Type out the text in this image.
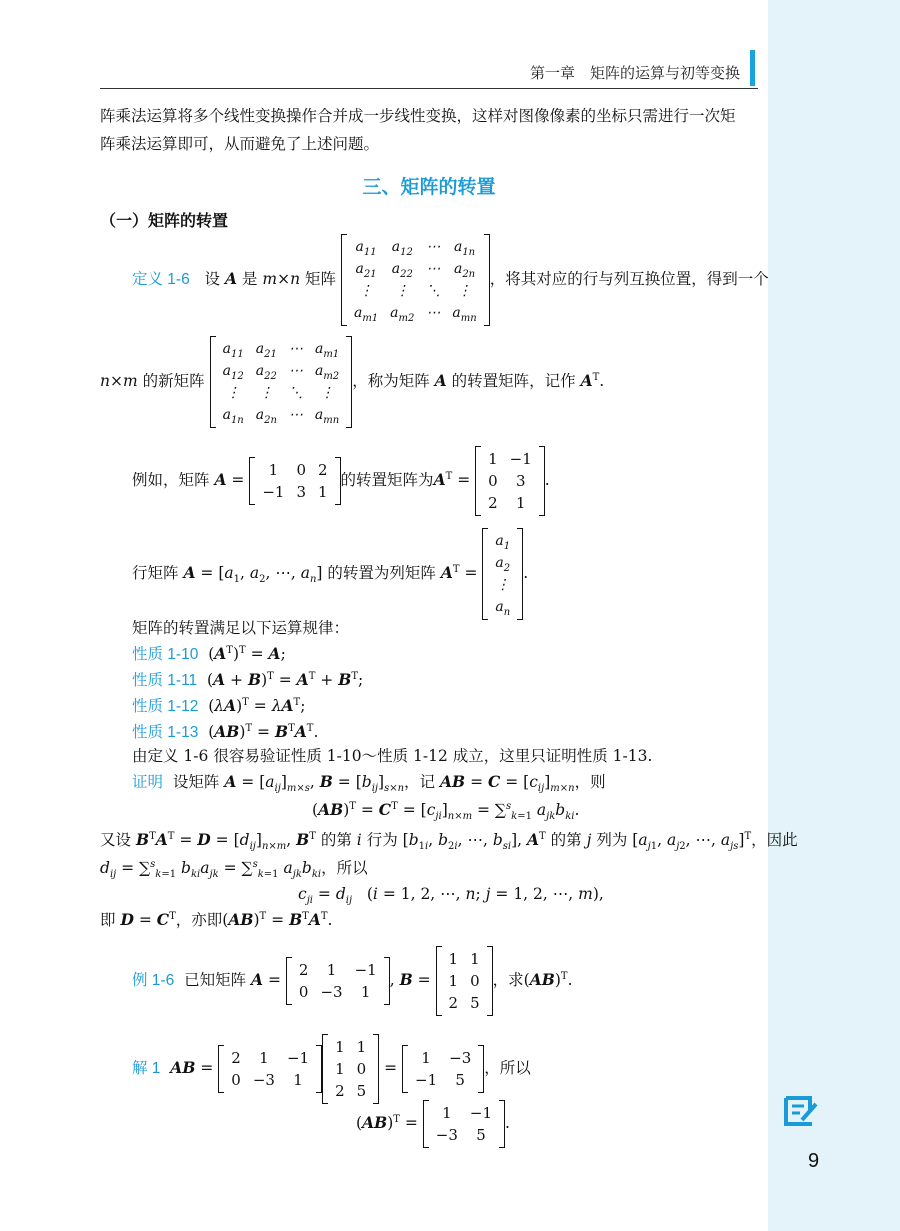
第一章　矩阵的运算与初等变换
阵乘法运算将多个线性变换操作合并成一步线性变换，这样对图像像素的坐标只需进行一次矩
阵乘法运算即可，从而避免了上述问题。
三、矩阵的转置
（一）矩阵的转置
定义 1-6 设 A 是 m×n 矩阵
$a_{11}$	$a_{12}$	⋯	$a_{1n}$
$a_{21}$	$a_{22}$	⋯	$a_{2n}$
⋮	⋮	⋱	⋮
$a_{m1}$	$a_{m2}$	⋯	$a_{mn}$
，将其对应的行与列互换位置，得到一个
n×m 的新矩阵
$a_{11}$	$a_{21}$	⋯	$a_{m1}$
$a_{12}$	$a_{22}$	⋯	$a_{m2}$
⋮	⋮	⋱	⋮
$a_{1n}$	$a_{2n}$	⋯	$a_{mn}$
，称为矩阵 A 的转置矩阵，记作 $A^T$.
例如，矩阵 A =
1	0	2
−1	3	1
的转置矩阵为$A^T$ =
1	−1
0	3
2	1
.
行矩阵 $A = [a_1$, $a_2$, ⋯, $a_n$] 的转置为列矩阵 $A^T$ =
$a_1$
$a_2$
⋮
$a_n$
.
矩阵的转置满足以下运算规律：
性质 1-10  $(A^T)^T = A$;
性质 1-11  $(A + B)^T = A^T + B^T$;
性质 1-12  $(\lambda A)^T = \lambda A^T$;
性质 1-13  $(AB)^T = B^TA^T$.
由定义 1-6 很容易验证性质 1-10～性质 1-12 成立，这里只证明性质 1-13.
证明 设矩阵 $A = [a_{ij}]_{m\times s}$, $B = [b_{ij}]_{s\times n}$，记 AB = $C = [c_{ij}]_{m\times n}$，则
$(AB)^T = C^T = [c_{ji}]_{n\times m} = \sum^s_{k=1}$ $a_{jk}b_{ki}$.
又设 $B^TA^T = D = [d_{ij}]_{n\times m}$, $B^T$ 的第 i 行为 [$b_{1i}$, $b_{2i}$, ⋯, $b_{si}$], $A^T$ 的第 j 列为 [$a_{j1}$, $a_{j2}$, ⋯, $a_{js}]^T$，因此
$d_{ij} = \sum^s_{k=1}$ $b_{ki}a_{jk} = \sum^s_{k=1}$ $a_{jk}b_{ki}$，所以
$c_{ji} = d_{ij}$   (i = 1, 2, ⋯, n; j = 1, 2, ⋯, m),
即 $D = C^T$，亦即$(AB)^T = B^TA^T$.
例 1-6 已知矩阵 A =
2	1	−1
0	−3	1
, B =
1	1
1	0
2	5
，求(AB)$^T$.
解 1 AB =
2	1	−1
0	−3	1
1	1
1	0
2	5
=
1	−3
−1	5
，所以
(AB)$^T$ =
1	−1
−3	5
.
9
